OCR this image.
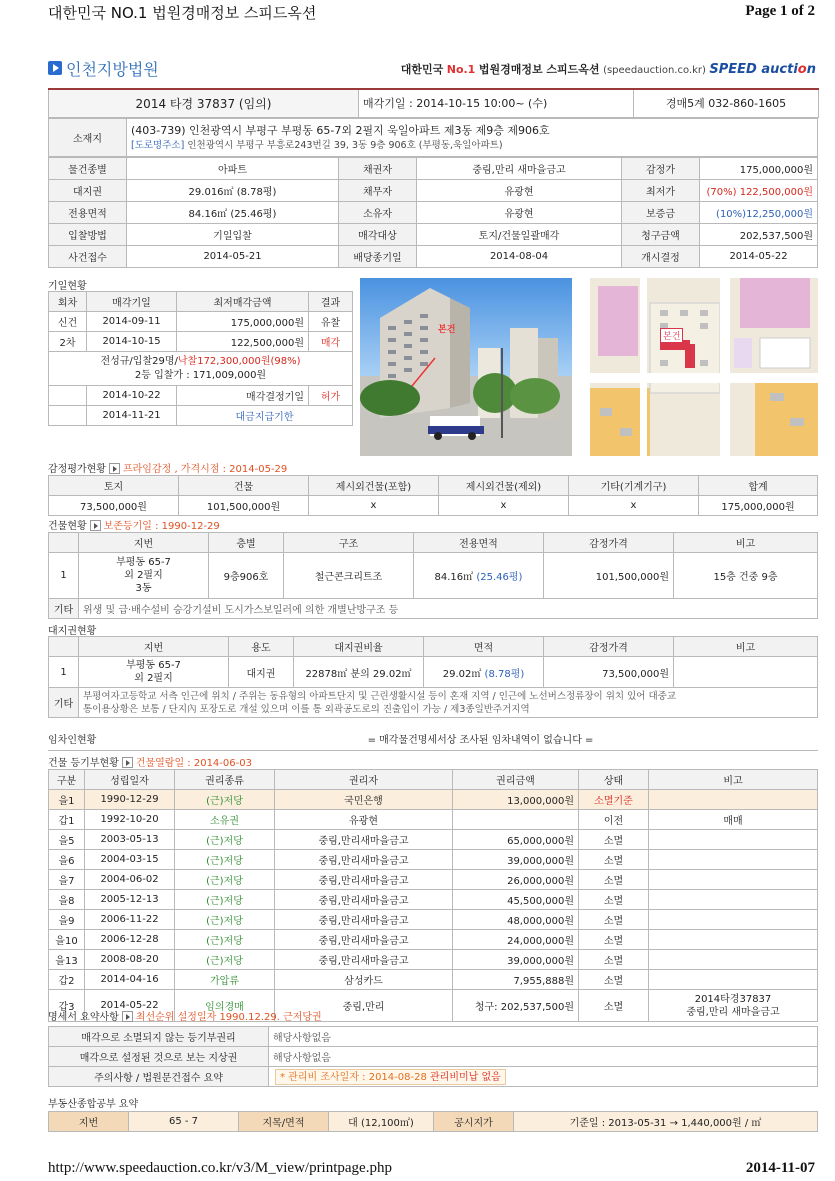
대한민국 NO.1 법원경매정보 스피드옥션	Page 1 of 2
인천지방법원	대한민국 No.1 법원경매정보 스피드옥션 (speedauction.co.kr) SPEED auction
2014 타경 37837 (임의)	매각기일 : 2014-10-15 10:00~ (수)	경매5계 032-860-1605
소재지	
(403-739) 인천광역시 부평구 부평동 65-7외 2필지 욱일아파트 제3동 제9층 제906호
[도로명주소] 인천광역시 부평구 부흥로243번길 39, 3동 9층 906호 (부평동,욱일아파트)
물건종별	아파트	채권자	중림,만리 새마을금고	감정가	175,000,000원
대지권	29.016㎡ (8.78평)	채무자	유광현	최저가	(70%) 122,500,000원
전용면적	84.16㎡ (25.46평)	소유자	유광현	보증금	(10%)12,250,000원
입찰방법	기일입찰	매각대상	토지/건물일괄매각	청구금액	202,537,500원
사건접수	2014-05-21	배당종기일	2014-08-04	개시결정	2014-05-22
기일현황
회차	매각기일	최저매각금액	결과
신건	2014-09-11	175,000,000원	유찰
2차	2014-10-15	122,500,000원	매각

전성규/입찰29명/낙찰172,300,000원(98%)
2등 입찰가 : 171,009,000원			

	2014-10-22	매각결정기일	허가
	2014-11-21	대금지급기한	
본건
본건
감정평가현황 프라임감정 , 가격시점 : 2014-05-29
토지	건물	제시외건물(포함)	제시외건물(제외)	기타(기계기구)	합계
73,500,000원	101,500,000원	x	x	x	175,000,000원
건물현황 보존등기일 : 1990-12-29
	지번	층별	구조	전용면적	감정가격	비고
1	부평동 65-7
외 2필지
3동	9층906호	철근콘크리트조	84.16㎡ (25.46평)	101,500,000원	15층 건중 9층
기타	위생 및 급·배수설비 승강기설비 도시가스보일러에 의한 개별난방구조 등					
대지권현황
	지번	용도	대지권비율	면적	감정가격	비고
1	부평동 65-7
외 2필지	대지권	22878㎡ 분의 29.02㎡	29.02㎡ (8.78평)	73,500,000원	
기타	부평여자고등학교 서측 인근에 위치 / 주위는 동유형의 아파트단지 및 근린생활시설 등이 혼재 지역 / 인근에 노선버스정류장이 위치 있어 대중교
통이용상황은 보통 / 단지內 포장도로 개설 있으며 이를 통 외곽공도로의 진출입이 가능 / 제3종일반주거지역					
임차인현황	= 매각물건명세서상 조사된 임차내역이 없습니다 =
건물 등기부현황 건물열람일 : 2014-06-03
구분	성립일자	권리종류	권리자	권리금액	상태	비고
을1	1990-12-29	(근)저당	국민은행	13,000,000원	소멸기준	
갑1	1992-10-20	소유권	유광현		이전	매매
을5	2003-05-13	(근)저당	중림,만리새마을금고	65,000,000원	소멸	
을6	2004-03-15	(근)저당	중림,만리새마을금고	39,000,000원	소멸	
을7	2004-06-02	(근)저당	중림,만리새마을금고	26,000,000원	소멸	
을8	2005-12-13	(근)저당	중림,만리새마을금고	45,500,000원	소멸	
을9	2006-11-22	(근)저당	중림,만리새마을금고	48,000,000원	소멸	
을10	2006-12-28	(근)저당	중림,만리새마을금고	24,000,000원	소멸	
을13	2008-08-20	(근)저당	중림,만리새마을금고	39,000,000원	소멸	
갑2	2014-04-16	가압류	삼성카드	7,955,888원	소멸	
갑3	2014-05-22	임의경매	중림,만리	청구: 202,537,500원	소멸	2014타경37837
중림,만리 새마을금고
명세서 요약사항 최선순위 설정일자 1990.12.29. 근저당권
매각으로 소멸되지 않는 등기부권리	해당사항없음
매각으로 설정된 것으로 보는 지상권	해당사항없음
주의사항 / 법원문건접수 요약	* 관리비 조사일자 : 2014-08-28 관리비미납 없음
부동산종합공부 요약
지번	65 - 7	지목/면적	대 (12,100㎡)	공시지가	기준일 : 2013-05-31 → 1,440,000원 / ㎡
http://www.speedauction.co.kr/v3/M_view/printpage.php	2014-11-07
